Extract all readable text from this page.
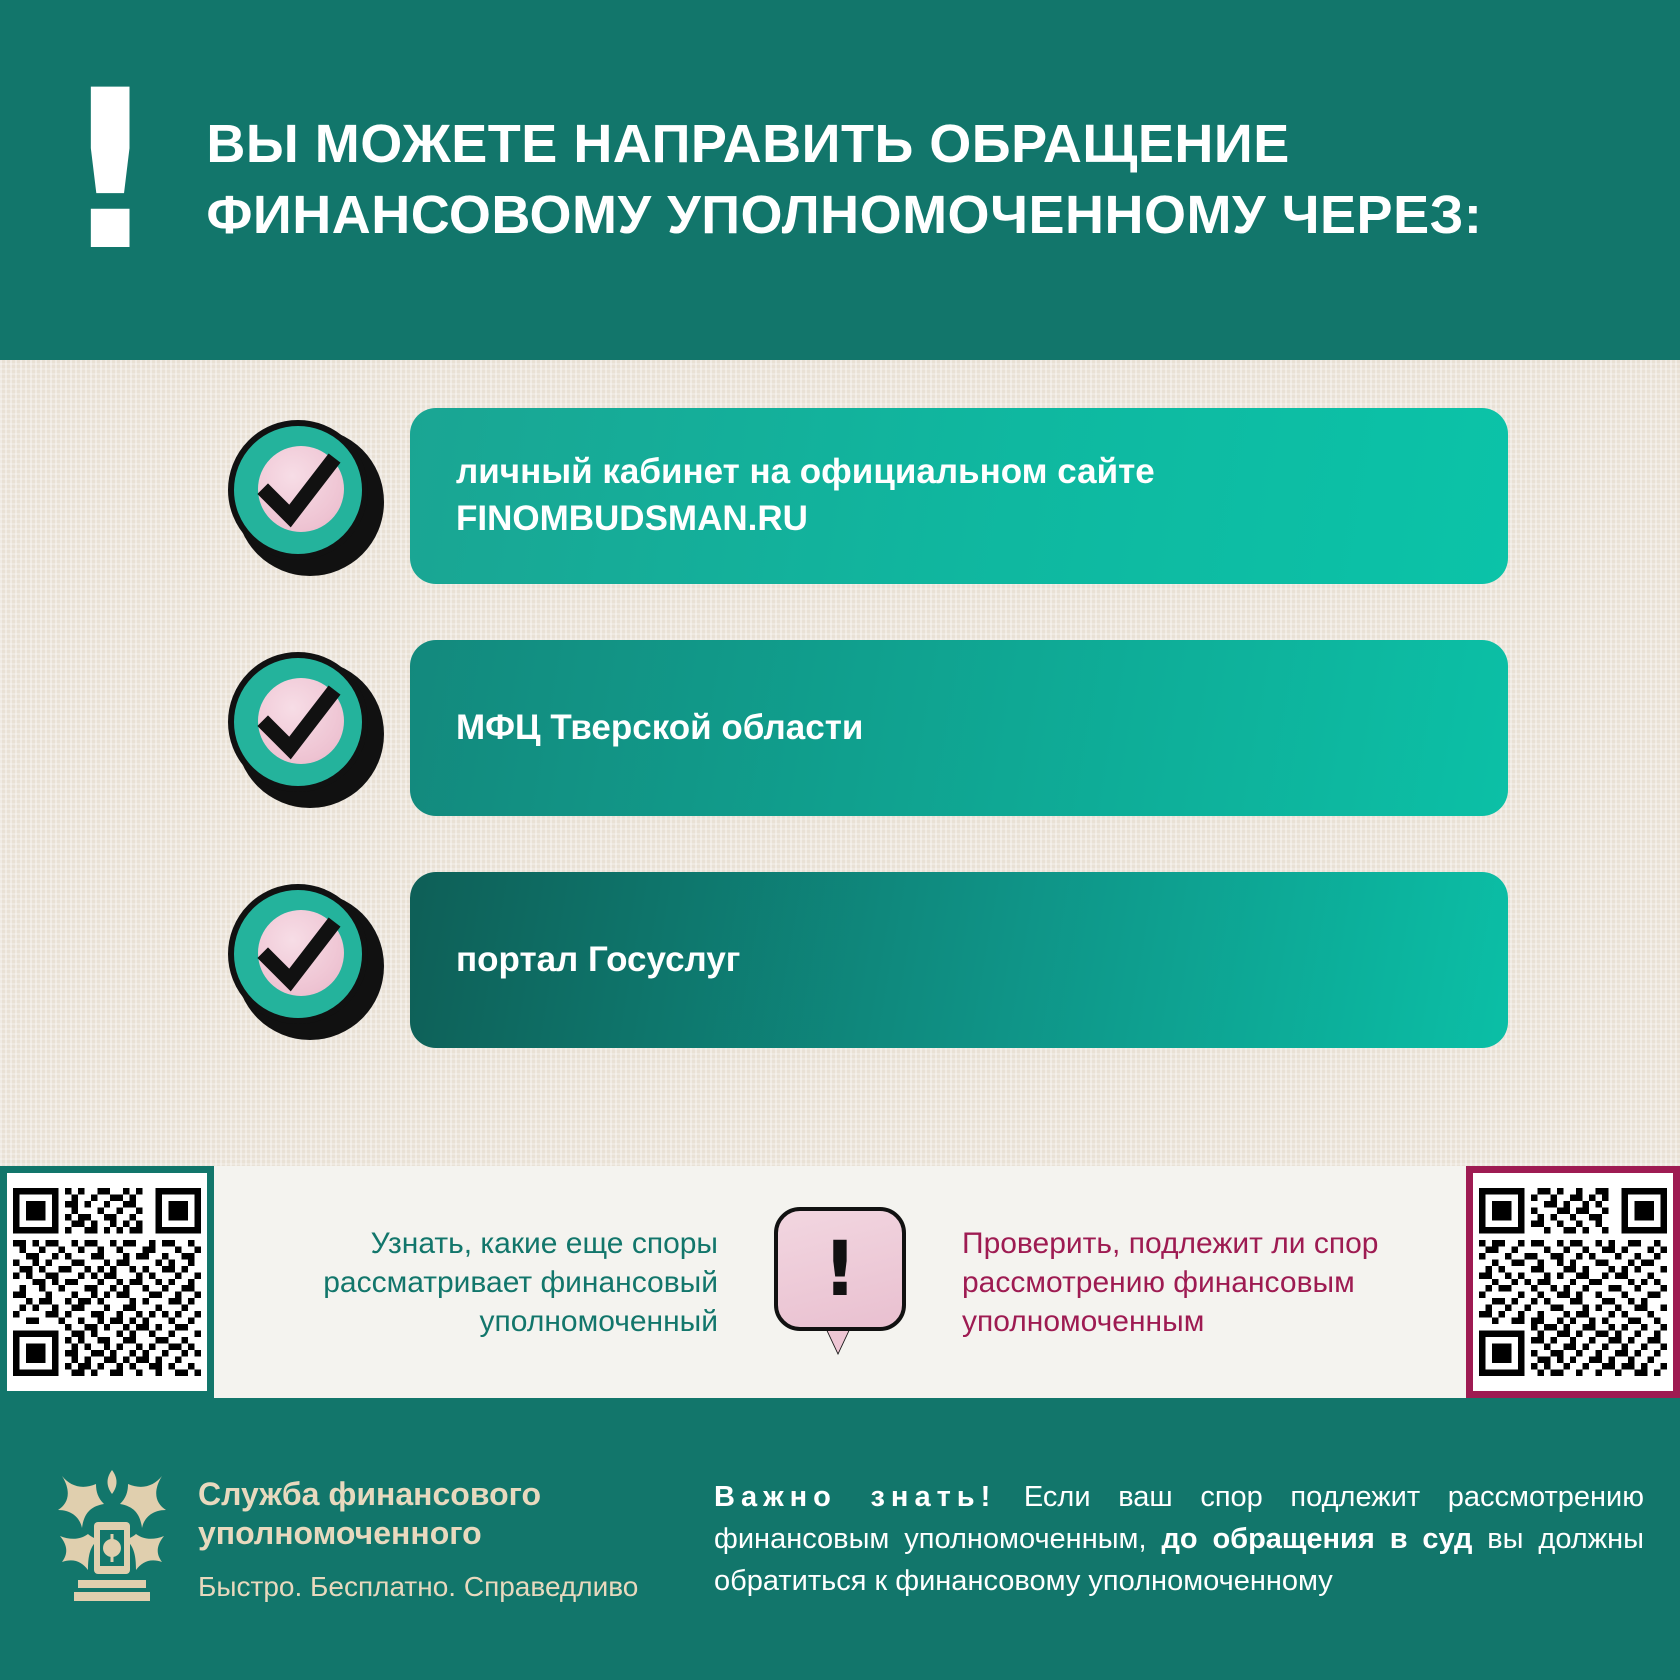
! ВЫ МОЖЕТЕ НАПРАВИТЬ ОБРАЩЕНИЕ ФИНАНСОВОМУ УПОЛНОМОЧЕННОМУ ЧЕРЕЗ:
личный кабинет на официальном сайте FINOMBUDSMAN.RU
МФЦ Тверской области
портал Госуслуг
Узнать, какие еще споры рассматривает финансовый уполномоченный
!	Проверить, подлежит ли спор рассмотрению финансовым уполномоченным
Служба финансового уполномоченного
Быстро. Бесплатно. Справедливо
Важно знать! Если ваш спор подлежит рассмотрению финансовым уполномоченным, до обращения в суд вы должны обратиться к финансовому уполномоченному
